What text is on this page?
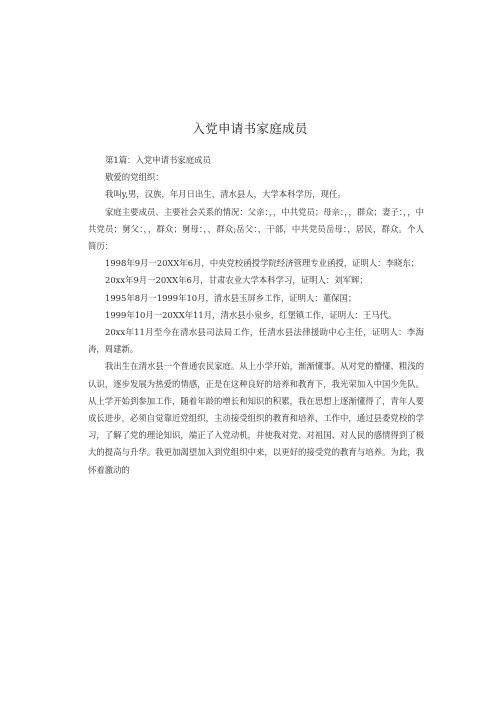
入党申请书家庭成员

第1篇：入党申请书家庭成员

敬爱的党组织：

我叫y,男，汉族，年月日出生，清水县人，大学本科学历，现任。

家庭主要成员、主要社会关系的情况：父亲：，，中共党员；母亲：，，群众；妻子：，，中共党员；舅父：，，群众；舅母：，，群众;岳父：，干部，中共党员岳母：，居民，群众。个人简历：

1998年9月一20XX年6月，中央党校函授学院经济管理专业函授，证明人：李晓东；

20xx年9月一20XX年6月，甘肃农业大学本科学习，证明人：刘军辉；

1995年8月一1999年10月，清水县玉屏乡工作，证明人：董保国；

1999年10月一20XX年11月，清水县小泉乡，红堡镇工作，证明人：王马代。

20xx年11月至今在清水县司法局工作，任清水县法律援助中心主任，证明人：李海涛，周建新。

我出生在清水县一个普通农民家庭。从上小学开始，渐渐懂事。从对党的懵懂、粗浅的认识，逐步发展为热爱的情感，正是在这种良好的培养和教育下，我光荣加入中国少先队。从上学开始到参加工作，随着年龄的增长和知识的积累，我在思想上逐渐懂得了，青年人要成长进步，必须自觉靠近党组织，主动接受组织的教育和培养，工作中，通过县委党校的学习，了解了党的理论知识，端正了入党动机，并使我对党、对祖国、对人民的感情得到了极大的提高与升华。我更加渴望加入到党组织中来，以更好的接受党的教育与培养。为此，我怀着激动的
